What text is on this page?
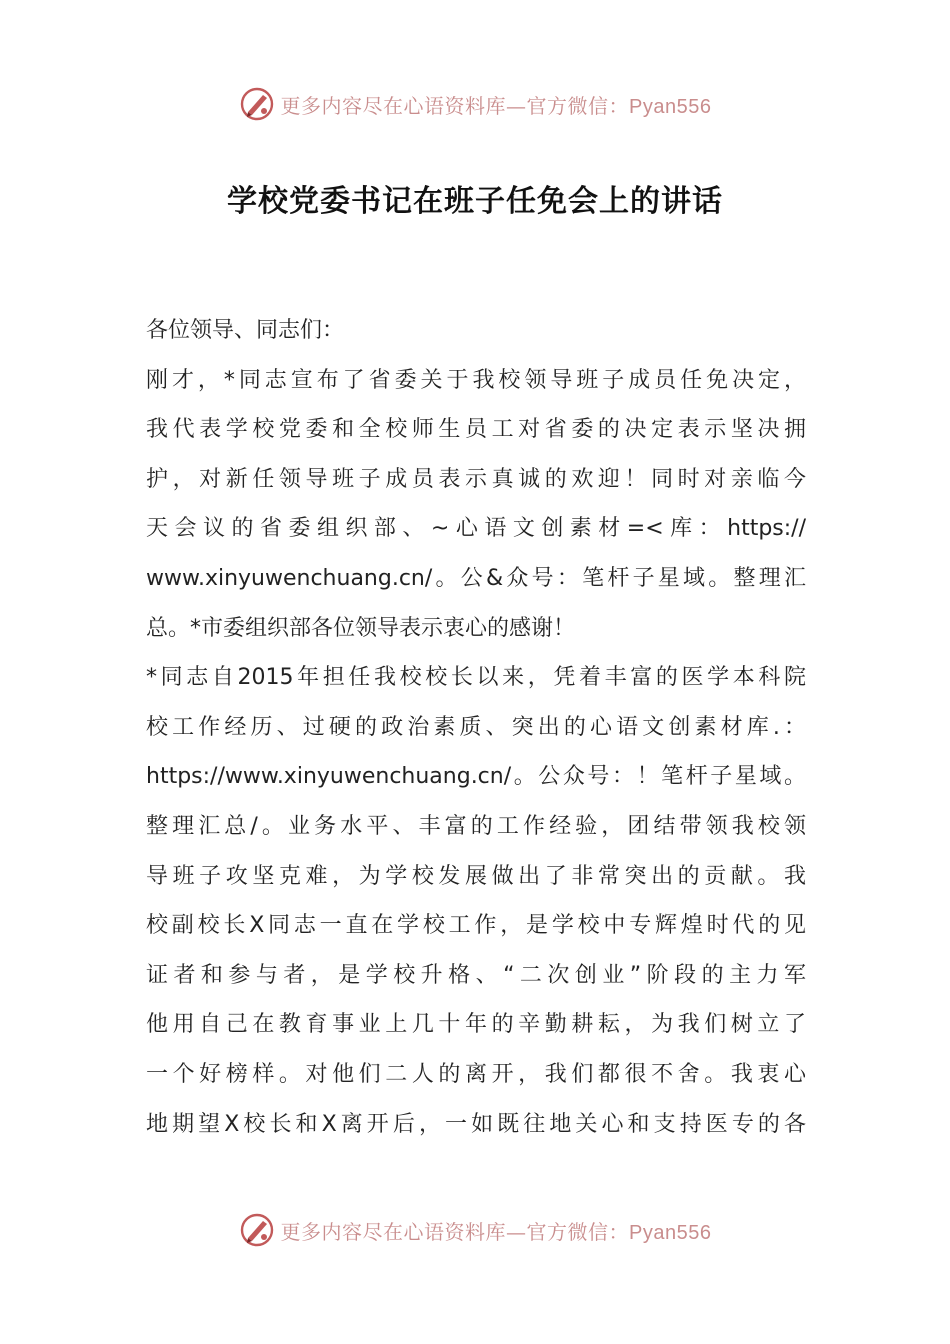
更多内容尽在心语资料库—官方微信：Pyan556
学校党委书记在班子任免会上的讲话
各位领导、同志们：
刚才，*同志宣布了省委关于我校领导班子成员任免决定，
我代表学校党委和全校师生员工对省委的决定表示坚决拥
护，对新任领导班子成员表示真诚的欢迎！同时对亲临今
天会议的省委组织部、~心语文创素材=<库：https://
www.xinyuwenchuang.cn/。公&众号：笔杆子星域。整理汇
总。*市委组织部各位领导表示衷心的感谢！
*同志自2015年担任我校校长以来，凭着丰富的医学本科院
校工作经历、过硬的政治素质、突出的心语文创素材库.：
https://www.xinyuwenchuang.cn/。公众号：！笔杆子星域。
整理汇总/。业务水平、丰富的工作经验，团结带领我校领
导班子攻坚克难，为学校发展做出了非常突出的贡献。我
校副校长X同志一直在学校工作，是学校中专辉煌时代的见
证者和参与者，是学校升格、“二次创业”阶段的主力军
他用自己在教育事业上几十年的辛勤耕耘，为我们树立了
一个好榜样。对他们二人的离开，我们都很不舍。我衷心
地期望X校长和X离开后，一如既往地关心和支持医专的各
更多内容尽在心语资料库—官方微信：Pyan556
